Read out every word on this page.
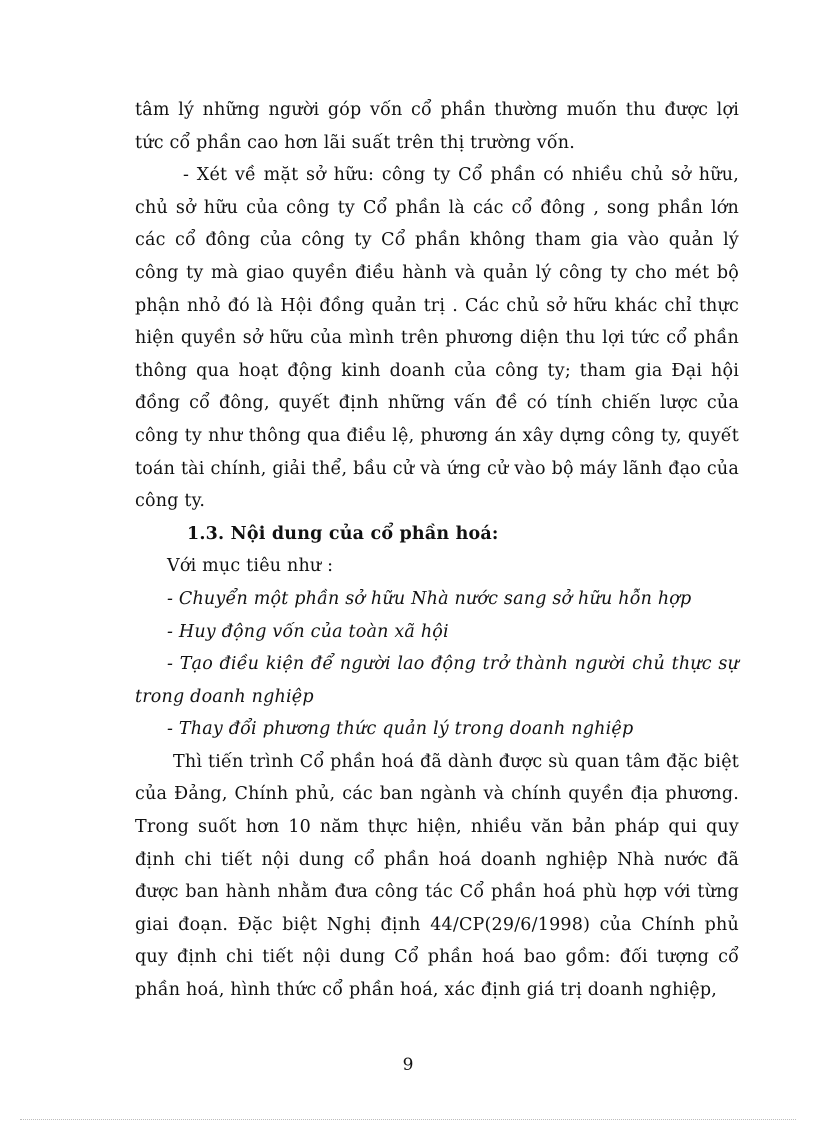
tâm lý những người góp vốn cổ phần thường muốn thu được lợi tức cổ phần cao hơn lãi suất trên thị trường vốn.

- Xét về mặt sở hữu: công ty Cổ phần có nhiều chủ sở hữu, chủ sở hữu của công ty Cổ phần là các cổ đông , song phần lớn các cổ đông của công ty Cổ phần không tham gia vào quản lý công ty mà giao quyền điều hành và quản lý công ty cho mét bộ phận nhỏ đó là Hội đồng quản trị . Các chủ sở hữu khác chỉ thực hiện quyền sở hữu của mình trên phương diện thu lợi tức cổ phần thông qua hoạt động kinh doanh của công ty; tham gia Đại hội đồng cổ đông, quyết định những vấn đề có tính chiến lược của công ty như thông qua điều lệ, phương án xây dựng công ty, quyết toán tài chính, giải thể, bầu cử và ứng cử vào bộ máy lãnh đạo của công ty.

1.3. Nội dung của cổ phần hoá:

Với mục tiêu như :

- Chuyển một phần sở hữu Nhà nước sang sở hữu hỗn hợp

- Huy động vốn của toàn xã hội

- Tạo điều kiện để người lao động trở thành người chủ thực sự trong doanh nghiệp

- Thay đổi phương thức quản lý trong doanh nghiệp

Thì tiến trình Cổ phần hoá đã dành được sù quan tâm đặc biệt của Đảng, Chính phủ, các ban ngành và chính quyền địa phương. Trong suốt hơn 10 năm thực hiện, nhiều văn bản pháp qui quy định chi tiết nội dung cổ phần hoá doanh nghiệp Nhà nước đã được ban hành nhằm đưa công tác Cổ phần hoá phù hợp với từng giai đoạn. Đặc biệt Nghị định 44/CP(29/6/1998) của Chính phủ quy định chi tiết nội dung Cổ phần hoá bao gồm: đối tượng cổ phần hoá, hình thức cổ phần hoá, xác định giá trị doanh nghiệp,

9
